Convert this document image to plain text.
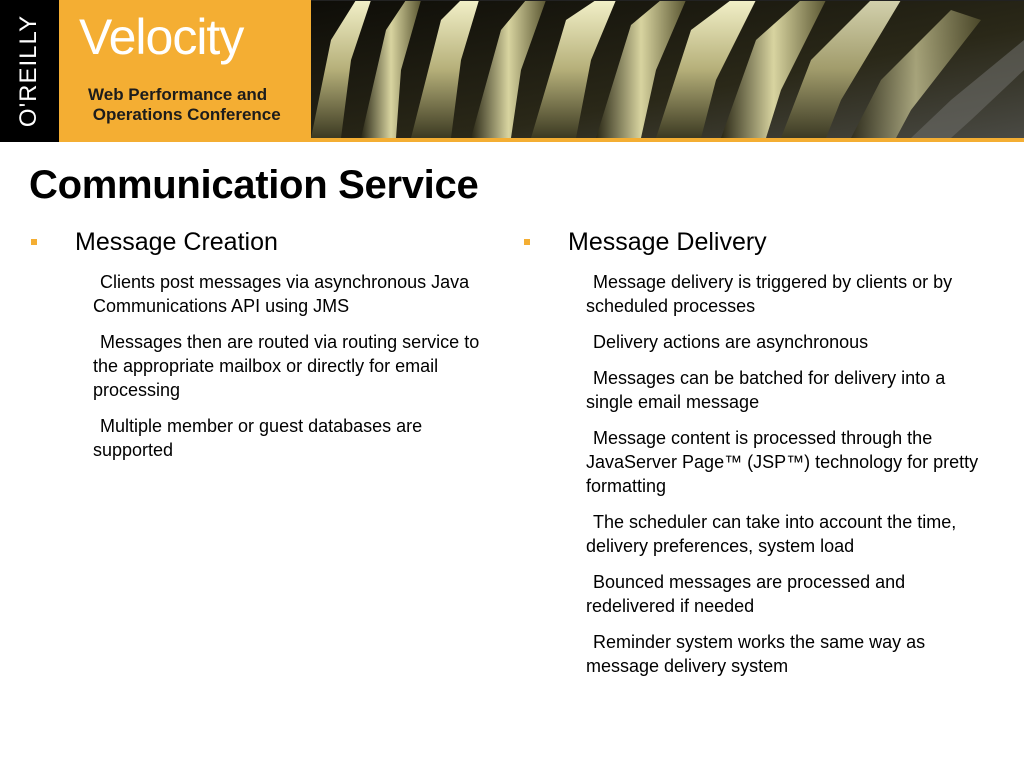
O'REILLY Velocity
Web Performance and
Operations Conference
Communication Service
Message Creation
Clients post messages via asynchronous Java Communications API using JMS
Messages then are routed via routing service to the appropriate mailbox or directly for email processing
Multiple member or guest databases are supported
Message Delivery
Message delivery is triggered by clients or by scheduled processes
Delivery actions are asynchronous
Messages can be batched for delivery into a single email message
Message content is processed through the JavaServer Page™ (JSP™) technology for pretty formatting
The scheduler can take into account the time, delivery preferences, system load
Bounced messages are processed and redelivered if needed
Reminder system works the same way as message delivery system
